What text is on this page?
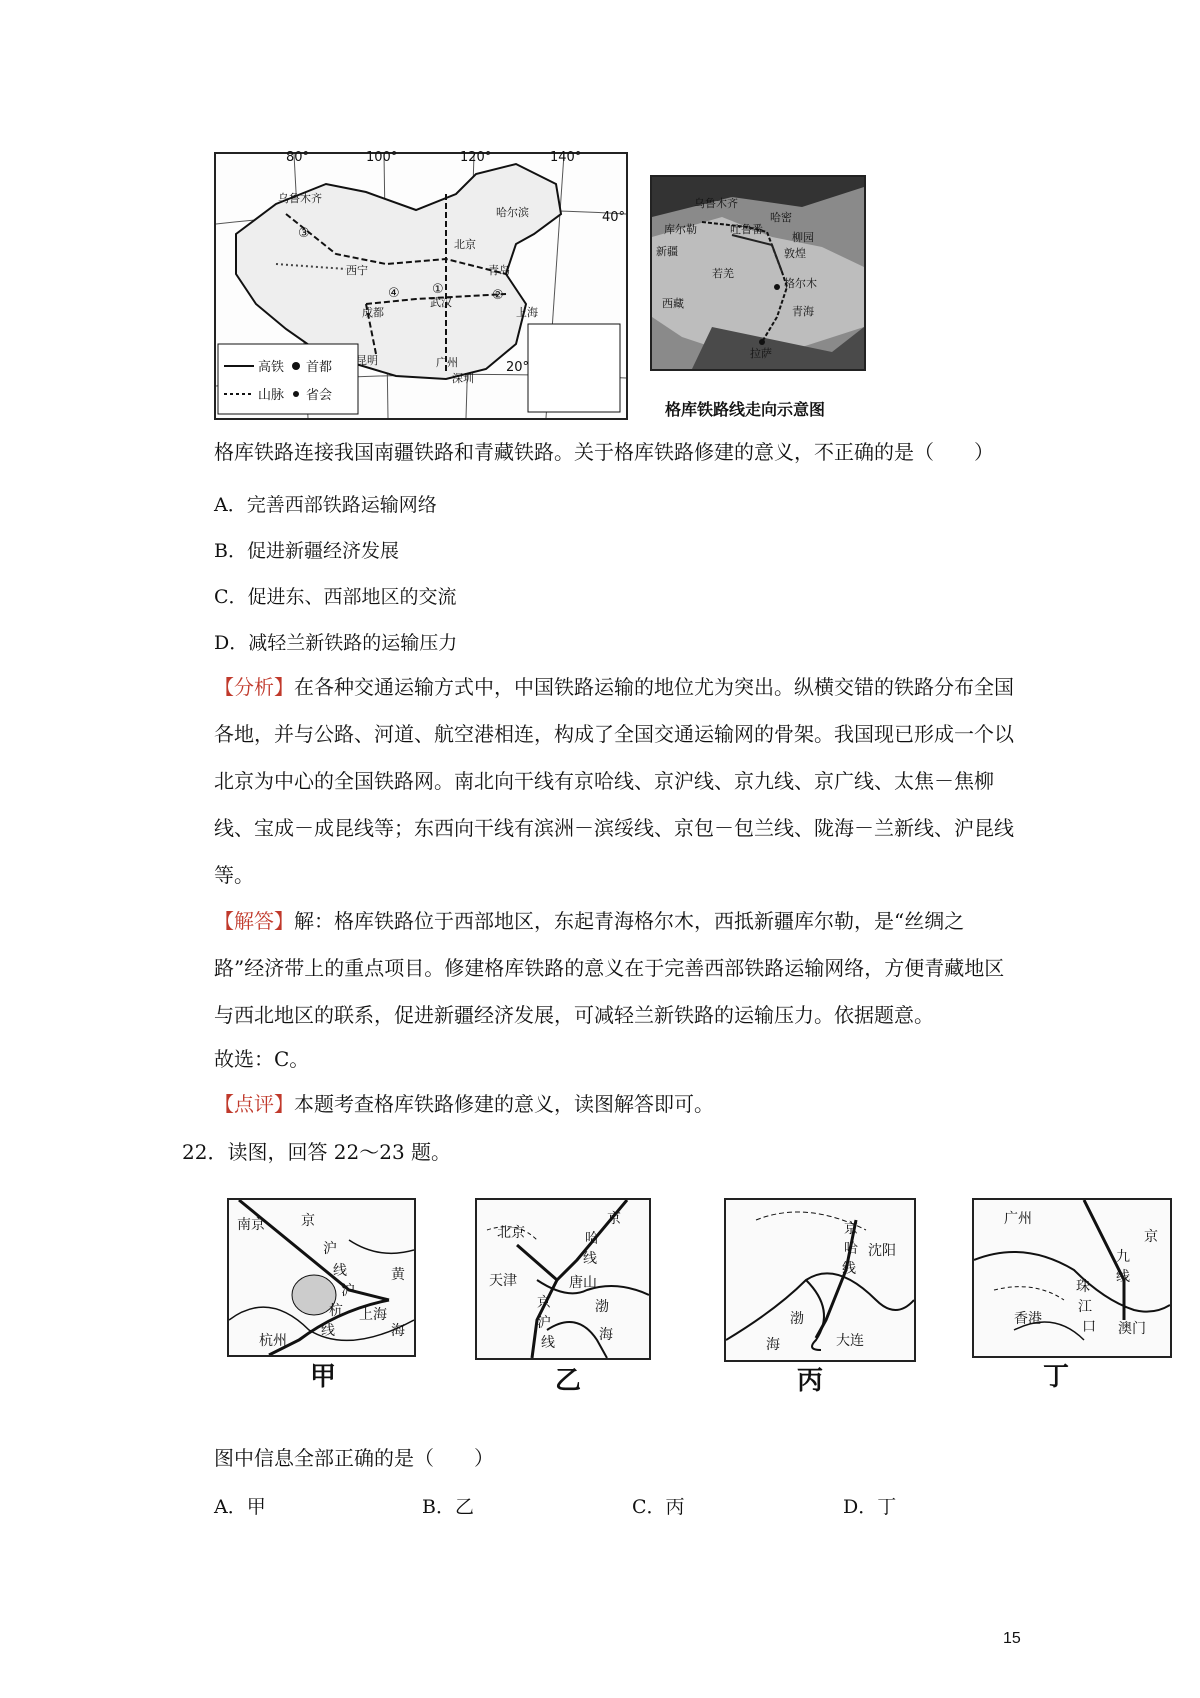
80°	100°	120°	140°
40°
20°
乌鲁木齐
哈尔滨
北京
西宁
成都	上海
昆明	广州
深圳
青岛
武汉
①	②
③
④
高铁 首都
山脉 省会
乌鲁木齐
库尔勒	吐鲁番
若羌
格尔木
新疆
西藏
青海
拉萨
哈密
敦煌
柳园
格库铁路线走向示意图
格库铁路连接我国南疆铁路和青藏铁路。关于格库铁路修建的意义，不正确的是（　　）
A．完善西部铁路运输网络
B．促进新疆经济发展
C．促进东、西部地区的交流
D．减轻兰新铁路的运输压力
【分析】在各种交通运输方式中，中国铁路运输的地位尤为突出。纵横交错的铁路分布全国各地，并与公路、河道、航空港相连，构成了全国交通运输网的骨架。我国现已形成一个以北京为中心的全国铁路网。南北向干线有京哈线、京沪线、京九线、京广线、太焦－焦柳线、宝成－成昆线等；东西向干线有滨洲－滨绥线、京包－包兰线、陇海－兰新线、沪昆线等。
【解答】解：格库铁路位于西部地区，东起青海格尔木，西抵新疆库尔勒，是“丝绸之路”经济带上的重点项目。修建格库铁路的意义在于完善西部铁路运输网络，方便青藏地区与西北地区的联系，促进新疆经济发展，可减轻兰新铁路的运输压力。依据题意。
故选：C。
【点评】本题考查格库铁路修建的意义，读图解答即可。
22．读图，回答 22～23 题。
南京	京
沪
线
沪
杭
线
上海
黄
海
杭州
甲
北京	哈
线
京
天津	唐山
京
沪
线
渤
海
乙
京
哈
线
沈阳
渤
海	大连
丙
广州
京
九
线
珠
江
口
香港
澳门
丁
图中信息全部正确的是（　　）
A．甲	B．乙	C．丙	D．丁
15
